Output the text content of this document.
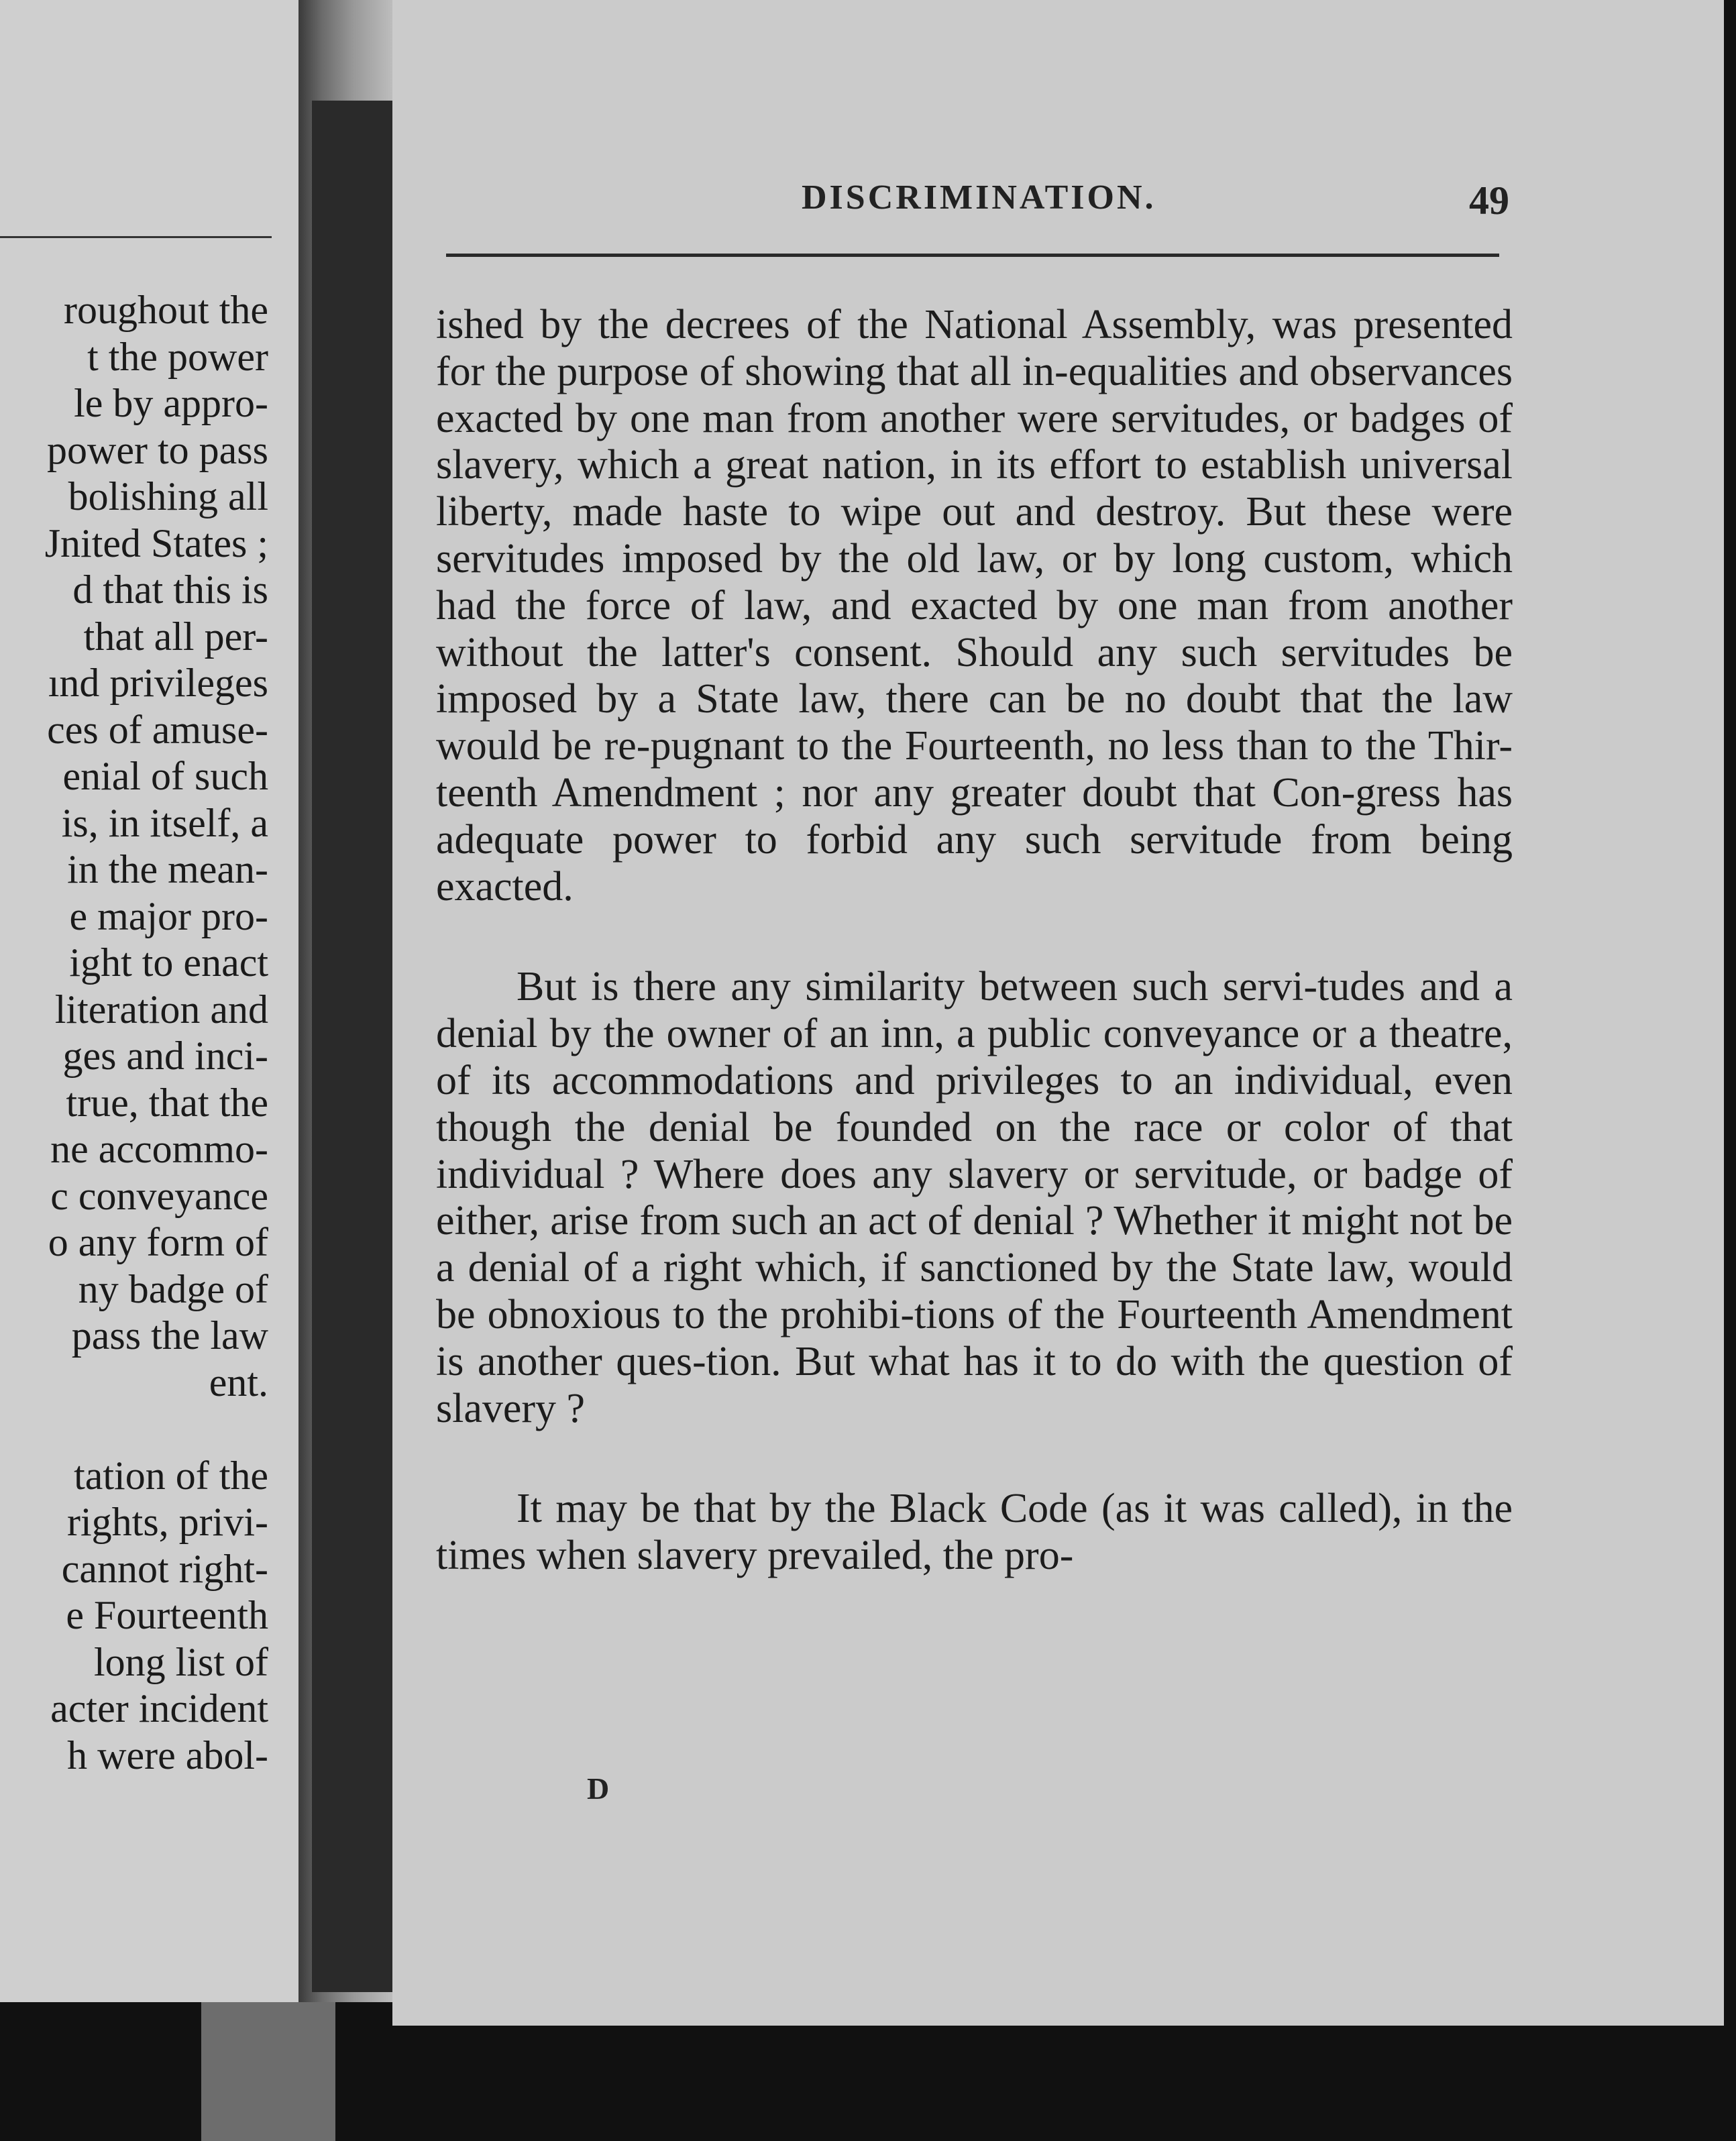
roughout the
t the power
le by appro-
power to pass
bolishing all
Jnited States ;
d that this is
that all per-
ınd privileges
ces of amuse-
enial of such
is, in itself, a
in the mean-
e major pro-
ight to enact
literation and
ges and inci-
true, that the
ne accommo-
c conveyance
o any form of
ny badge of
pass the law
ent.
tation of the
rights, privi-
cannot right-
e Fourteenth
long list of
acter incident
h were abol-
DISCRIMINATION.	49

ished by the decrees of the National Assembly, was presented for the purpose of showing that all in-equalities and observances exacted by one man from another were servitudes, or badges of slavery, which a great nation, in its effort to establish universal liberty, made haste to wipe out and destroy. But these were servitudes imposed by the old law, or by long custom, which had the force of law, and exacted by one man from another without the latter's consent. Should any such servitudes be imposed by a State law, there can be no doubt that the law would be re-pugnant to the Fourteenth, no less than to the Thir-teenth Amendment ; nor any greater doubt that Con-gress has adequate power to forbid any such servitude from being exacted.

But is there any similarity between such servi-tudes and a denial by the owner of an inn, a public conveyance or a theatre, of its accommodations and privileges to an individual, even though the denial be founded on the race or color of that individual ? Where does any slavery or servitude, or badge of either, arise from such an act of denial ? Whether it might not be a denial of a right which, if sanctioned by the State law, would be obnoxious to the prohibi-tions of the Fourteenth Amendment is another ques-tion. But what has it to do with the question of slavery ?

It may be that by the Black Code (as it was called), in the times when slavery prevailed, the pro-

D
